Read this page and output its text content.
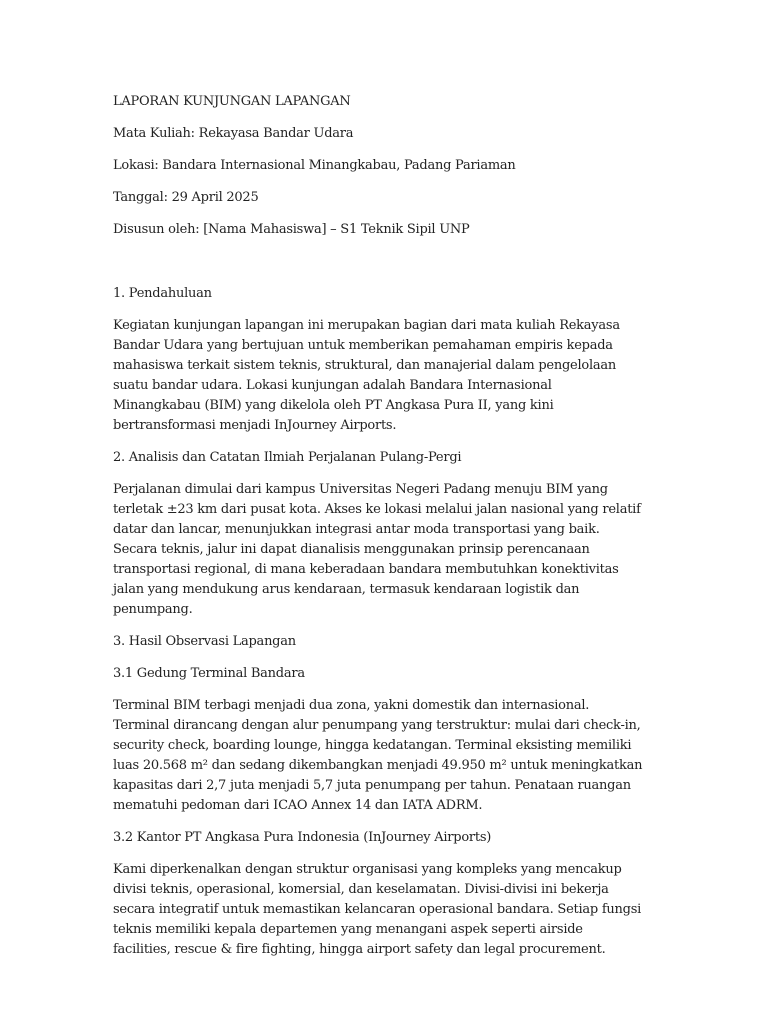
LAPORAN KUNJUNGAN LAPANGAN

Mata Kuliah: Rekayasa Bandar Udara

Lokasi: Bandara Internasional Minangkabau, Padang Pariaman

Tanggal: 29 April 2025

Disusun oleh: [Nama Mahasiswa] – S1 Teknik Sipil UNP

1. Pendahuluan

Kegiatan kunjungan lapangan ini merupakan bagian dari mata kuliah Rekayasa Bandar Udara yang bertujuan untuk memberikan pemahaman empiris kepada mahasiswa terkait sistem teknis, struktural, dan manajerial dalam pengelolaan suatu bandar udara. Lokasi kunjungan adalah Bandara Internasional Minangkabau (BIM) yang dikelola oleh PT Angkasa Pura II, yang kini bertransformasi menjadi InJourney Airports.

2. Analisis dan Catatan Ilmiah Perjalanan Pulang-Pergi

Perjalanan dimulai dari kampus Universitas Negeri Padang menuju BIM yang terletak ±23 km dari pusat kota. Akses ke lokasi melalui jalan nasional yang relatif datar dan lancar, menunjukkan integrasi antar moda transportasi yang baik. Secara teknis, jalur ini dapat dianalisis menggunakan prinsip perencanaan transportasi regional, di mana keberadaan bandara membutuhkan konektivitas jalan yang mendukung arus kendaraan, termasuk kendaraan logistik dan penumpang.

3. Hasil Observasi Lapangan

3.1 Gedung Terminal Bandara

Terminal BIM terbagi menjadi dua zona, yakni domestik dan internasional. Terminal dirancang dengan alur penumpang yang terstruktur: mulai dari check-in, security check, boarding lounge, hingga kedatangan. Terminal eksisting memiliki luas 20.568 m² dan sedang dikembangkan menjadi 49.950 m² untuk meningkatkan kapasitas dari 2,7 juta menjadi 5,7 juta penumpang per tahun. Penataan ruangan mematuhi pedoman dari ICAO Annex 14 dan IATA ADRM.

3.2 Kantor PT Angkasa Pura Indonesia (InJourney Airports)

Kami diperkenalkan dengan struktur organisasi yang kompleks yang mencakup divisi teknis, operasional, komersial, dan keselamatan. Divisi-divisi ini bekerja secara integratif untuk memastikan kelancaran operasional bandara. Setiap fungsi teknis memiliki kepala departemen yang menangani aspek seperti airside facilities, rescue & fire fighting, hingga airport safety dan legal procurement.
